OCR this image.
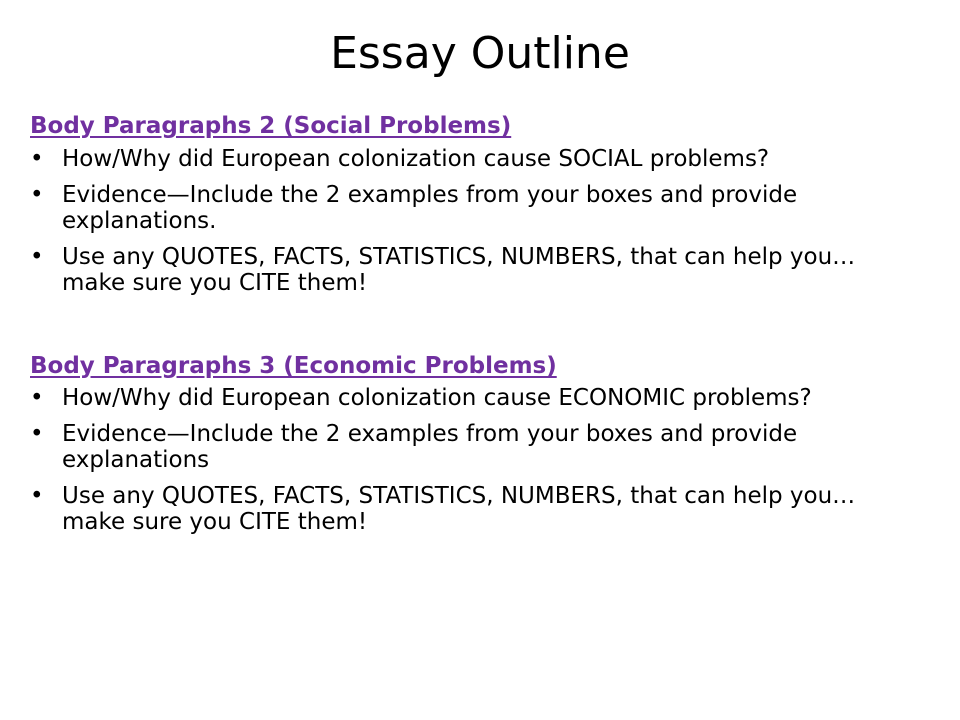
Essay Outline
Body Paragraphs 2 (Social Problems)
• How/Why did European colonization cause SOCIAL problems?
• Evidence—Include the 2 examples from your boxes and provide explanations.
• Use any QUOTES, FACTS, STATISTICS, NUMBERS, that can help you…make sure you CITE them!
Body Paragraphs 3 (Economic Problems)
• How/Why did European colonization cause ECONOMIC problems?
• Evidence—Include the 2 examples from your boxes and provide explanations
• Use any QUOTES, FACTS, STATISTICS, NUMBERS, that can help you…make sure you CITE them!
